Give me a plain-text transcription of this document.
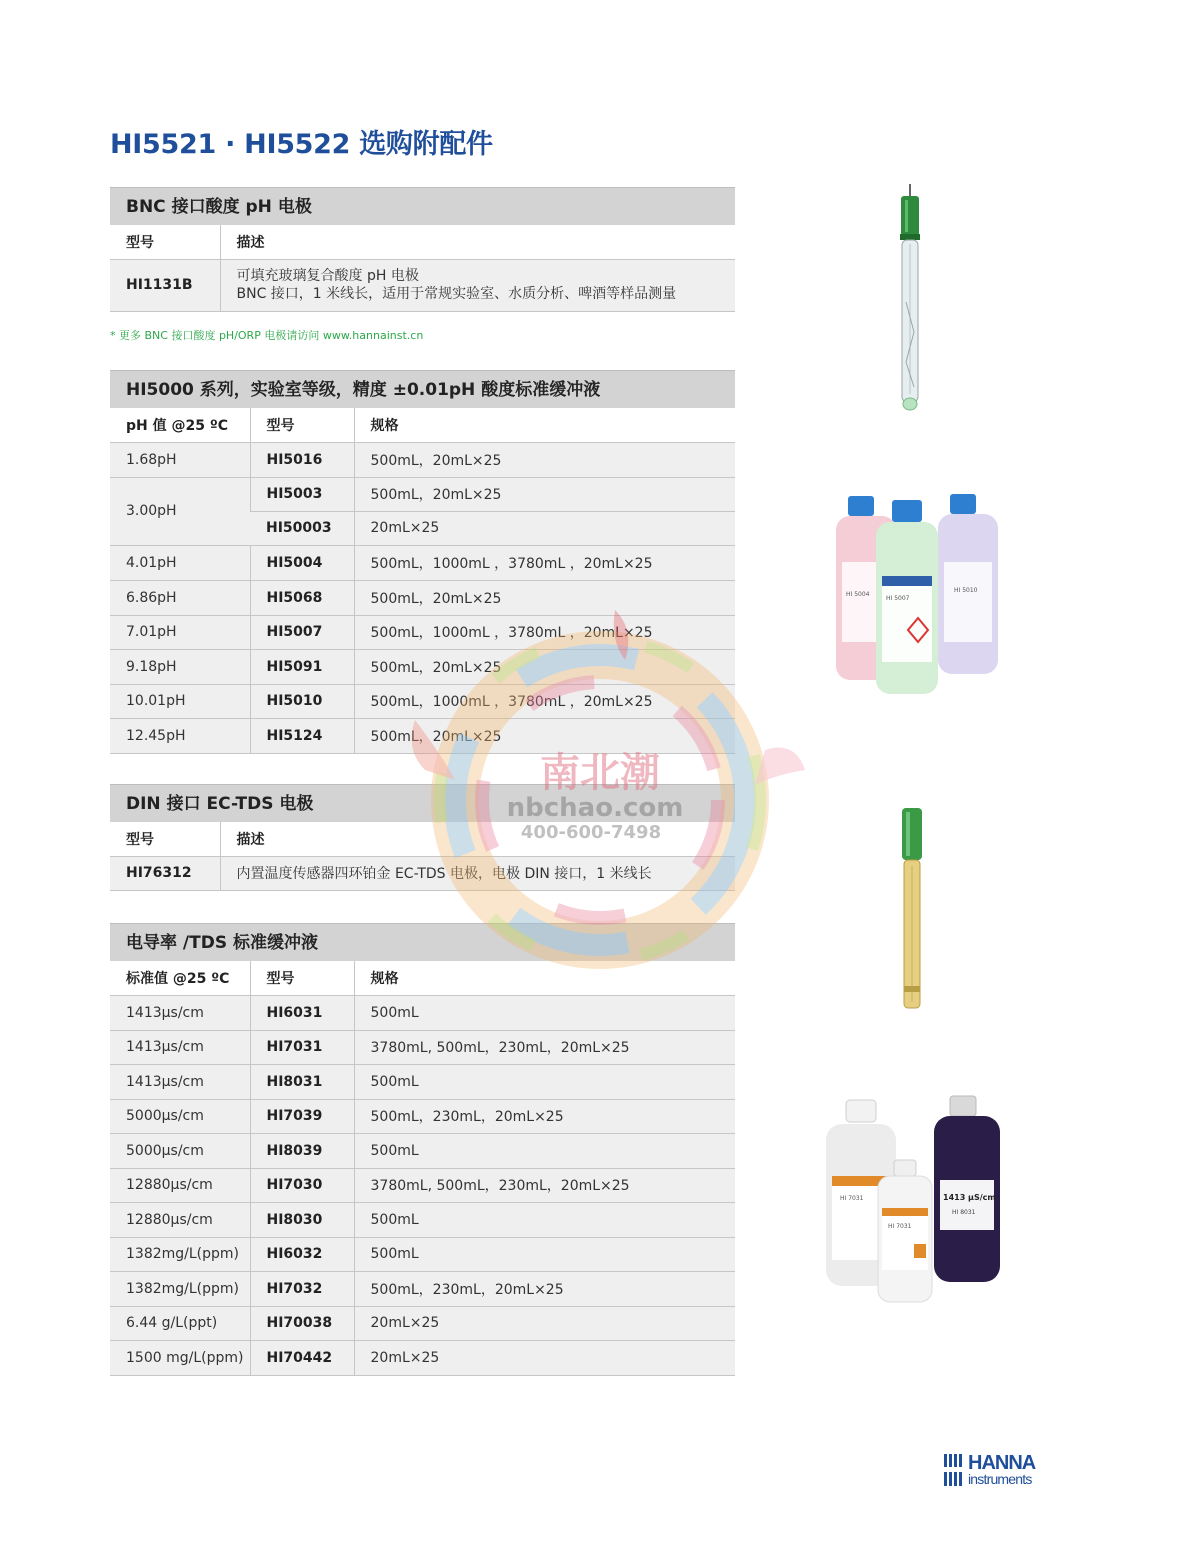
HI5521 · HI5522 选购附配件
BNC 接口酸度 pH 电极
型号	描述
HI1131B	可填充玻璃复合酸度 pH 电极
BNC 接口，1 米线长，适用于常规实验室、水质分析、啤酒等样品测量
* 更多 BNC 接口酸度 pH/ORP 电极请访问 www.hannainst.cn
HI5000 系列，实验室等级，精度 ±0.01pH 酸度标准缓冲液
pH 值 @25 ºC	型号	规格
1.68pH	HI5016	500mL，20mL×25
3.00pH	HI5003	500mL，20mL×25
	HI50003	20mL×25
4.01pH	HI5004	500mL，1000mL ，3780mL ，20mL×25
6.86pH	HI5068	500mL，20mL×25
7.01pH	HI5007	500mL，1000mL ，3780mL ，20mL×25
9.18pH	HI5091	500mL，20mL×25
10.01pH	HI5010	500mL，1000mL ，3780mL ，20mL×25
12.45pH	HI5124	500mL，20mL×25
DIN 接口 EC-TDS 电极
型号	描述
HI76312	内置温度传感器四环铂金 EC-TDS 电极，电极 DIN 接口，1 米线长
电导率 /TDS 标准缓冲液
标准值 @25 ºC	型号	规格
1413μs/cm	HI6031	500mL
1413μs/cm	HI7031	3780mL, 500mL，230mL，20mL×25
1413μs/cm	HI8031	500mL
5000μs/cm	HI7039	500mL，230mL，20mL×25
5000μs/cm	HI8039	500mL
12880μs/cm	HI7030	3780mL, 500mL，230mL，20mL×25
12880μs/cm	HI8030	500mL
1382mg/L(ppm)	HI6032	500mL
1382mg/L(ppm)	HI7032	500mL，230mL，20mL×25
6.44 g/L(ppt)	HI70038	20mL×25
1500 mg/L(ppm)	HI70442	20mL×25
HI 5004
HI 5010
HI 5007
HI 7031	1413 μS/cm
HI 8031
HI 7031
南北潮
nbchao.com
400-600-7498
HANNA
instruments
